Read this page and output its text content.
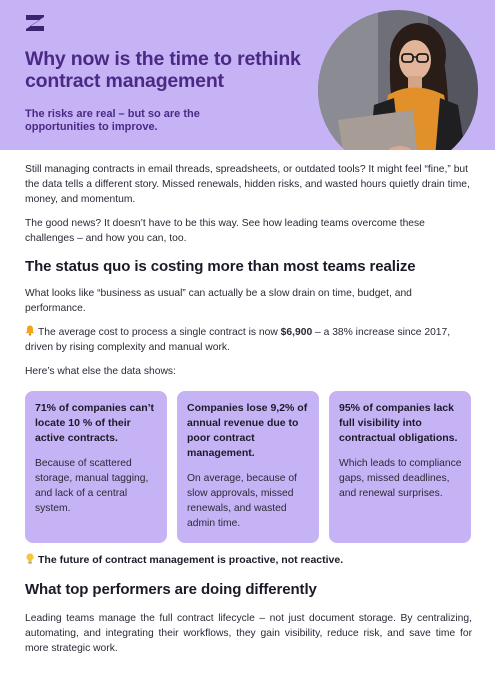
Why now is the time to rethink contract management
The risks are real – but so are the opportunities to improve.

Still managing contracts in email threads, spreadsheets, or outdated tools? It might feel “fine,” but the data tells a different story. Missed renewals, hidden risks, and wasted hours quietly drain time, money, and momentum.

The good news? It doesn’t have to be this way. See how leading teams overcome these challenges – and how you can, too.

The status quo is costing more than most teams realize

What looks like “business as usual” can actually be a slow drain on time, budget, and performance.

The average cost to process a single contract is now $6,900 – a 38% increase since 2017, driven by rising complexity and manual work.

Here’s what else the data shows:

71% of companies can’t locate 10 % of their active contracts.
Because of scattered storage, manual tagging, and lack of a central system.
Companies lose 9,2% of annual revenue due to poor contract management.
On average, because of slow approvals, missed renewals, and wasted admin time.
95% of companies lack full visibility into contractual obligations.
Which leads to compliance gaps, missed deadlines, and renewal surprises.
The future of contract management is proactive, not reactive.
What top performers are doing differently

Leading teams manage the full contract lifecycle – not just document storage. By centralizing, automating, and integrating their workflows, they gain visibility, reduce risk, and save time for more strategic work.
